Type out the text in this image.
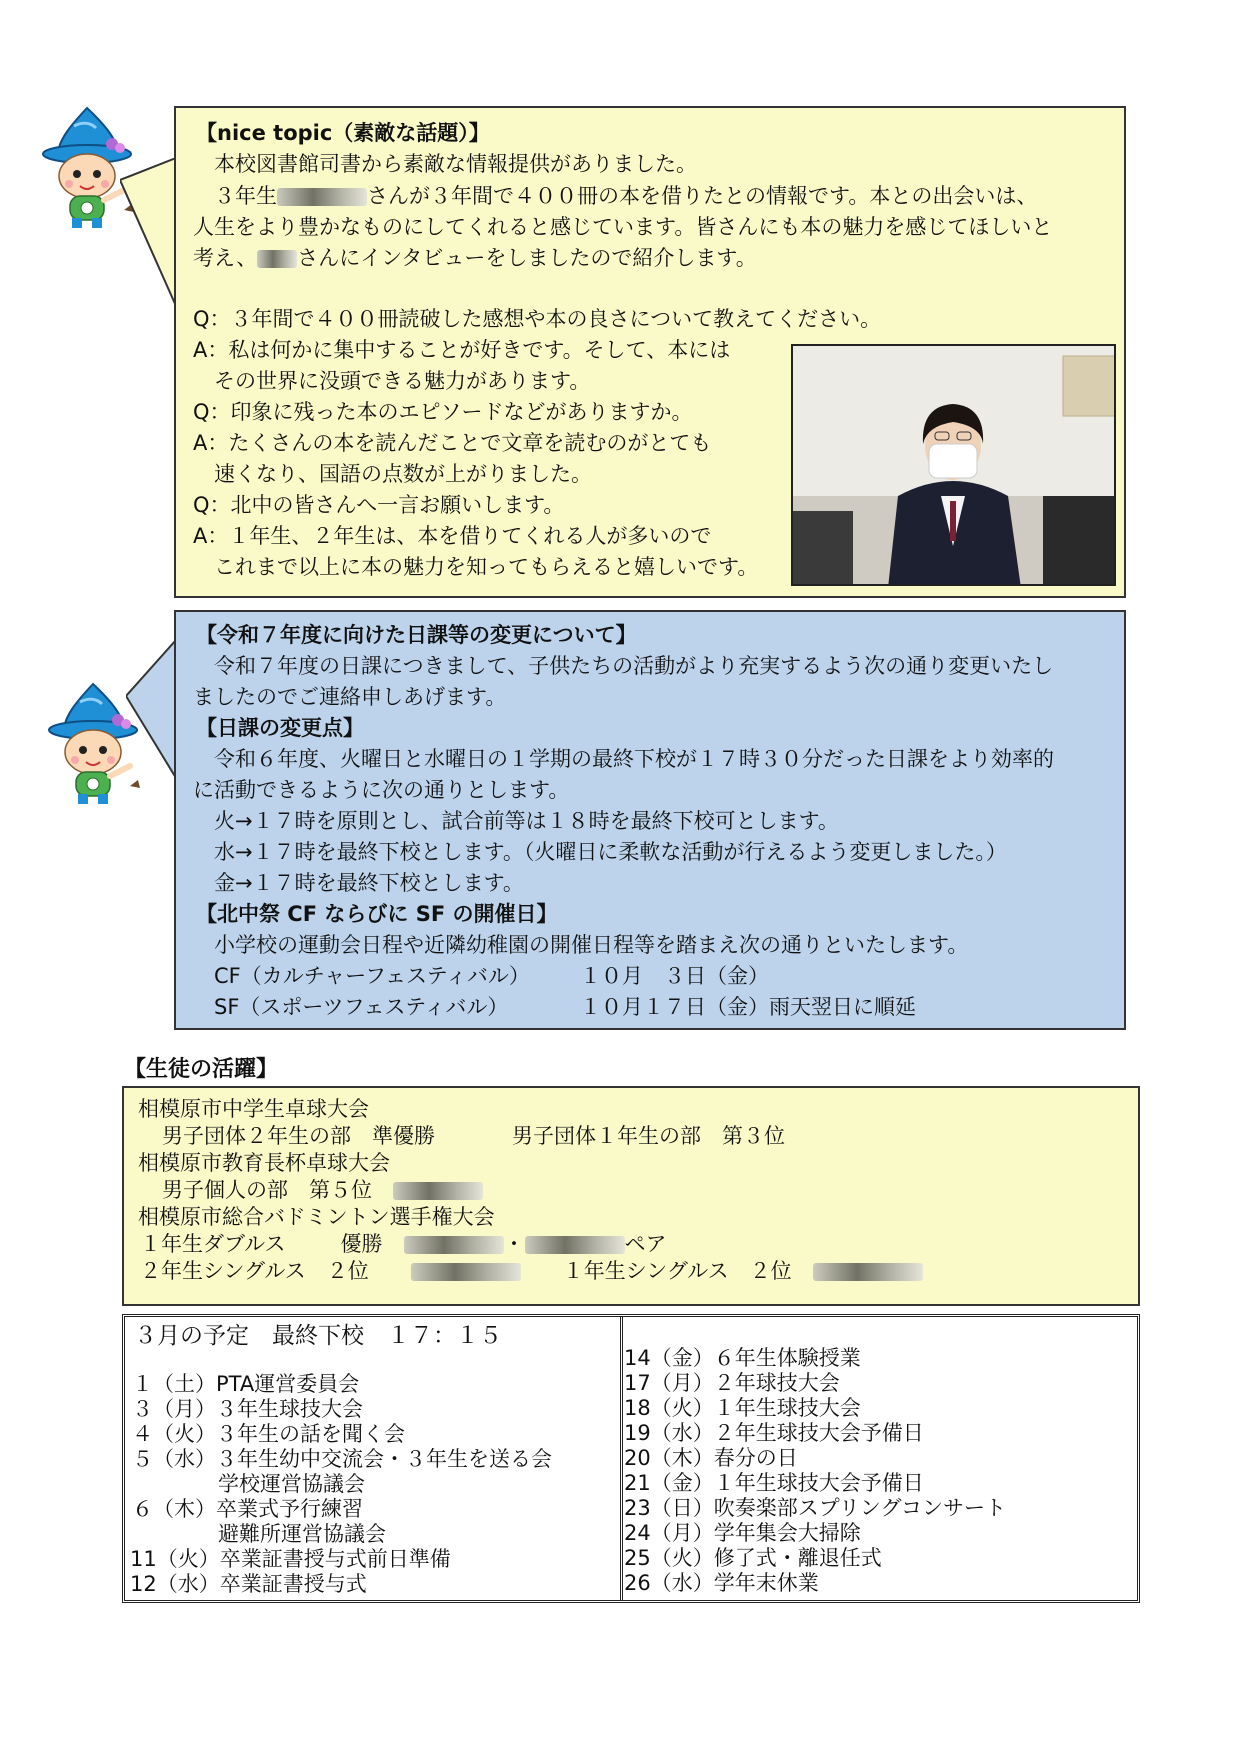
【nice topic（素敵な話題）】
本校図書館司書から素敵な情報提供がありました。
３年生	さんが３年間で４００冊の本を借りたとの情報です。本との出会いは、
人生をより豊かなものにしてくれると感じています。皆さんにも本の魅力を感じてほしいと
考え、 さんにインタビューをしましたので紹介します。
Q：３年間で４００冊読破した感想や本の良さについて教えてください。
A：私は何かに集中することが好きです。そして、本には
その世界に没頭できる魅力があります。
Q：印象に残った本のエピソードなどがありますか。
A：たくさんの本を読んだことで文章を読むのがとても
速くなり、国語の点数が上がりました。
Q：北中の皆さんへ一言お願いします。
A：１年生、２年生は、本を借りてくれる人が多いので
これまで以上に本の魅力を知ってもらえると嬉しいです。
【令和７年度に向けた日課等の変更について】
令和７年度の日課につきまして、子供たちの活動がより充実するよう次の通り変更いたし
ましたのでご連絡申しあげます。
【日課の変更点】
令和６年度、火曜日と水曜日の１学期の最終下校が１７時３０分だった日課をより効率的
に活動できるように次の通りとします。
火→１７時を原則とし、試合前等は１８時を最終下校可とします。
水→１７時を最終下校とします。（火曜日に柔軟な活動が行えるよう変更しました。）
金→１７時を最終下校とします。
【北中祭 CF ならびに SF の開催日】
小学校の運動会日程や近隣幼稚園の開催日程等を踏まえ次の通りといたします。
CF（カルチャーフェスティバル） １０月　３日（金）
SF（スポーツフェスティバル）	１０月１７日（金）雨天翌日に順延
【生徒の活躍】
相模原市中学生卓球大会
男子団体２年生の部　準優勝	男子団体１年生の部　第３位
相模原市教育長杯卓球大会
男子個人の部　第５位　
相模原市総合バドミントン選手権大会
１年生ダブルス	優勝　	・	ペア
２年生シングルス　２位　　　　	１年生シングルス　２位　
３月の予定　最終下校　１７：１５
１（土）PTA運営委員会
３（月）３年生球技大会
４（火）３年生の話を聞く会
５（水）３年生幼中交流会・３年生を送る会
学校運営協議会
６（木）卒業式予行練習
避難所運営協議会
11（火）卒業証書授与式前日準備
12（水）卒業証書授与式
14（金）６年生体験授業
17（月）２年球技大会
18（火）１年生球技大会
19（水）２年生球技大会予備日
20（木）春分の日
21（金）１年生球技大会予備日
23（日）吹奏楽部スプリングコンサート
24（月）学年集会大掃除
25（火）修了式・離退任式
26（水）学年末休業
